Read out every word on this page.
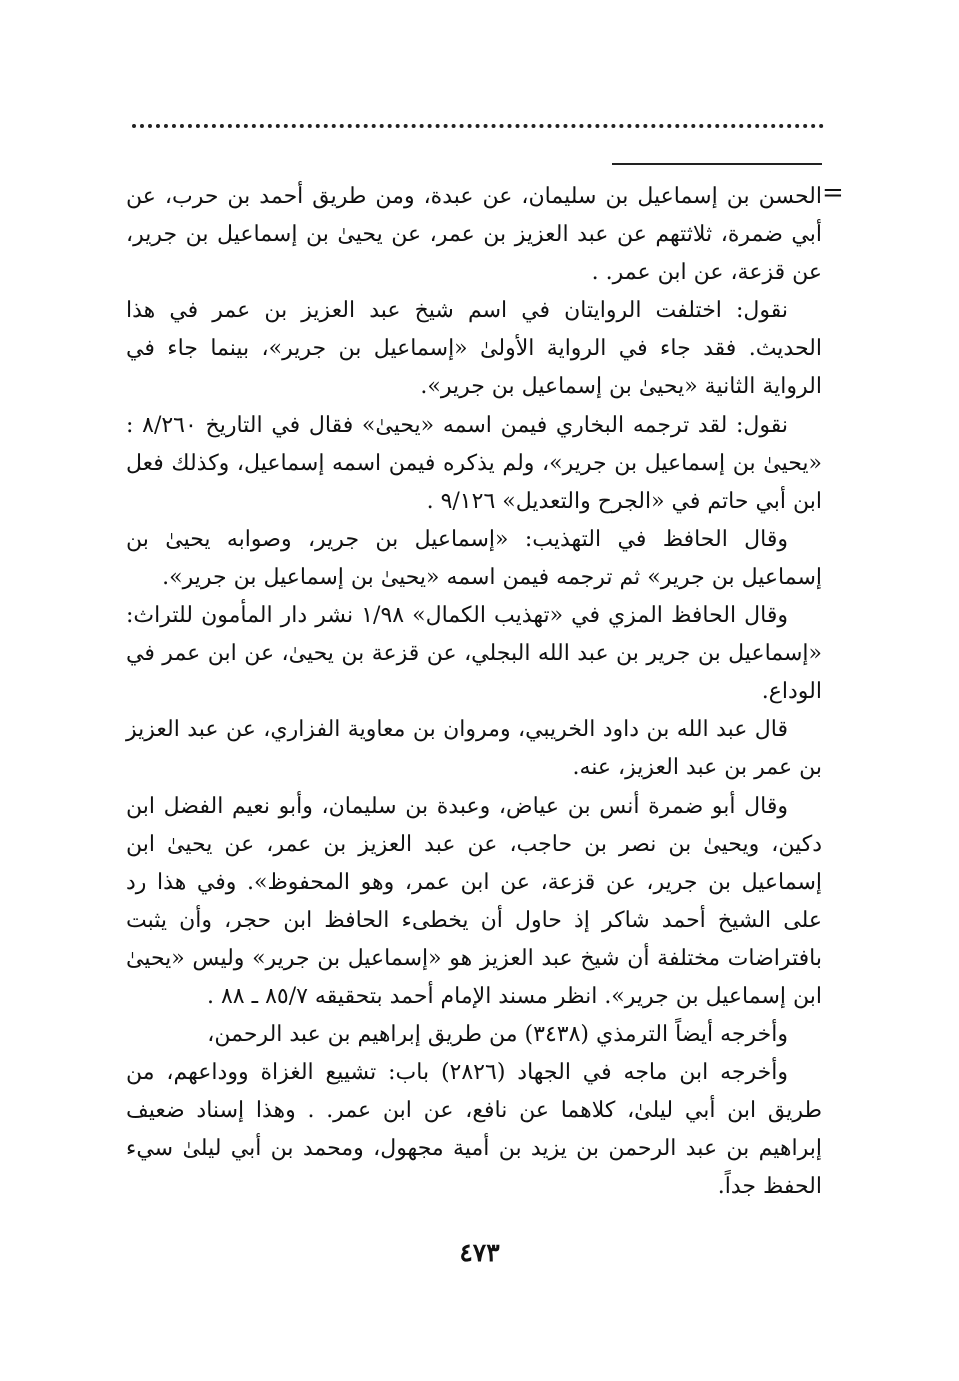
=

الحسن بن إسماعيل بن سليمان، عن عبدة، ومن طريق أحمد بن حرب، عن أبي ضمرة، ثلاثتهم عن عبد العزيز بن عمر، عن يحيىٰ بن إسماعيل بن جرير، عن قزعة، عن ابن عمر. .

نقول: اختلفت الروايتان في اسم شيخ عبد العزيز بن عمر في هذا الحديث. فقد جاء في الرواية الأولىٰ «إسماعيل بن جرير»، بينما جاء في الرواية الثانية «يحيىٰ بن إسماعيل بن جرير».

نقول: لقد ترجمه البخاري فيمن اسمه «يحيىٰ» فقال في التاريخ ٨/٢٦٠ : «يحيىٰ بن إسماعيل بن جرير»، ولم يذكره فيمن اسمه إسماعيل، وكذلك فعل ابن أبي حاتم في «الجرح والتعديل» ٩/١٢٦ .

وقال الحافظ في التهذيب: «إسماعيل بن جرير، وصوابه يحيىٰ بن إسماعيل بن جرير» ثم ترجمه فيمن اسمه «يحيىٰ بن إسماعيل بن جرير».

وقال الحافظ المزي في «تهذيب الكمال» ١/٩٨ نشر دار المأمون للتراث: «إسماعيل بن جرير بن عبد الله البجلي، عن قزعة بن يحيىٰ، عن ابن عمر في الوداع.

قال عبد الله بن داود الخريبي، ومروان بن معاوية الفزاري، عن عبد العزيز بن عمر بن عبد العزيز، عنه.

وقال أبو ضمرة أنس بن عياض، وعبدة بن سليمان، وأبو نعيم الفضل ابن دكين، ويحيىٰ بن نصر بن حاجب، عن عبد العزيز بن عمر، عن يحيىٰ ابن إسماعيل بن جرير، عن قزعة، عن ابن عمر، وهو المحفوظ». وفي هذا رد على الشيخ أحمد شاكر إذ حاول أن يخطىء الحافظ ابن حجر، وأن يثبت بافتراضات مختلفة أن شيخ عبد العزيز هو «إسماعيل بن جرير» وليس «يحيىٰ ابن إسماعيل بن جرير». انظر مسند الإمام أحمد بتحقيقه ٨٥/٧ ـ ٨٨ .

وأخرجه أيضاً الترمذي (٣٤٣٨) من طريق إبراهيم بن عبد الرحمن،

وأخرجه ابن ماجه في الجهاد (٢٨٢٦) باب: تشييع الغزاة ووداعهم، من طريق ابن أبي ليلىٰ، كلاهما عن نافع، عن ابن عمر. . وهذا إسناد ضعيف إبراهيم بن عبد الرحمن بن يزيد بن أمية مجهول، ومحمد بن أبي ليلىٰ سيء الحفظ جداً.

٤٧٣
